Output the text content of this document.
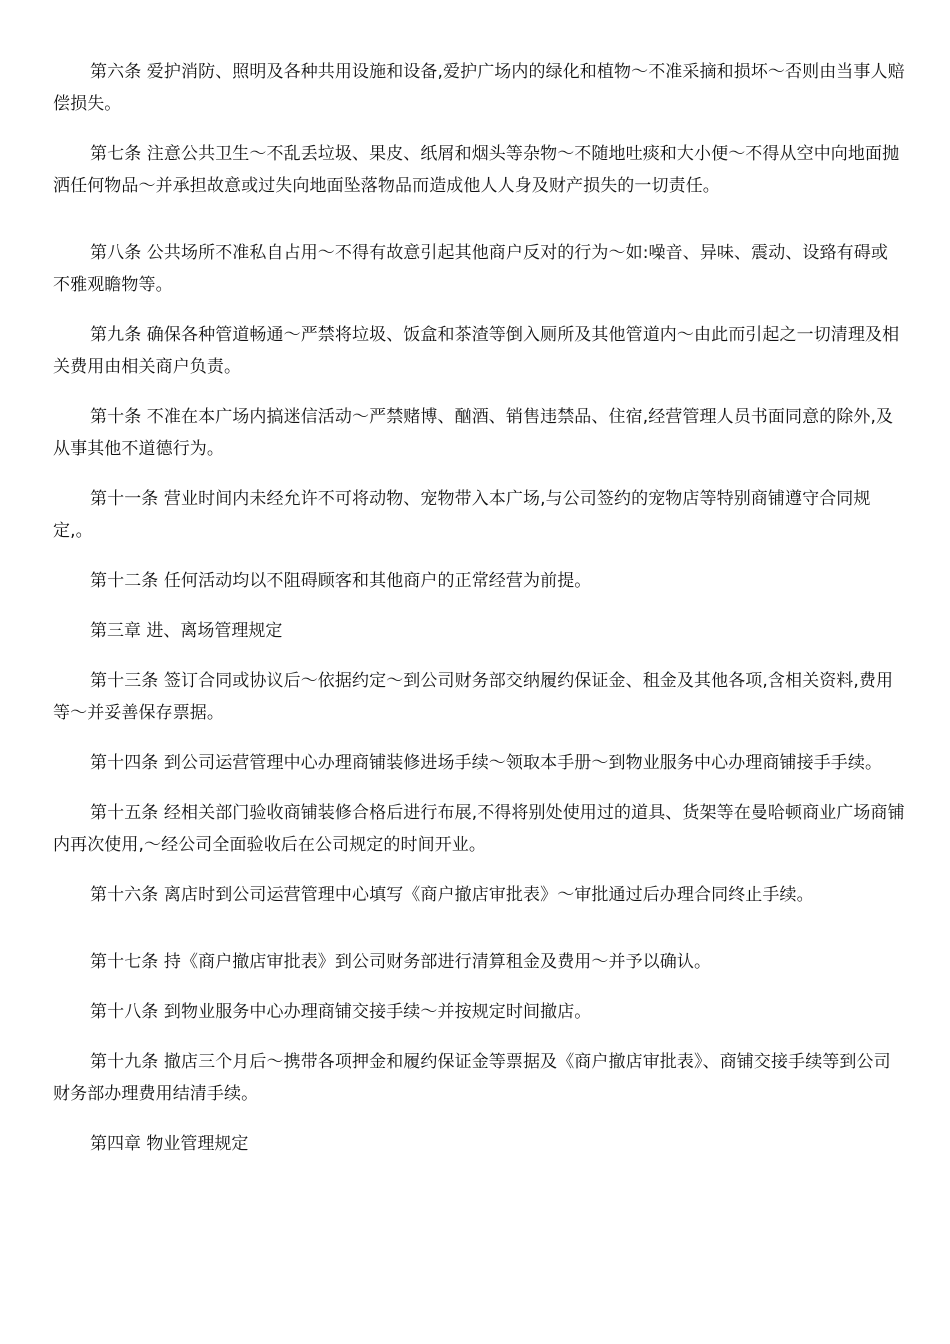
第六条 爱护消防、照明及各种共用设施和设备,爱护广场内的绿化和植物～不准采摘和损坏～否则由当事人赔偿损失。

第七条 注意公共卫生～不乱丢垃圾、果皮、纸屑和烟头等杂物～不随地吐痰和大小便～不得从空中向地面抛洒任何物品～并承担故意或过失向地面坠落物品而造成他人人身及财产损失的一切责任。

第八条 公共场所不准私自占用～不得有故意引起其他商户反对的行为～如:噪音、异味、震动、设臵有碍或不雅观瞻物等。

第九条 确保各种管道畅通～严禁将垃圾、饭盒和茶渣等倒入厕所及其他管道内～由此而引起之一切清理及相关费用由相关商户负责。

第十条 不准在本广场内搞迷信活动～严禁赌博、酗酒、销售违禁品、住宿,经营管理人员书面同意的除外,及从事其他不道德行为。

第十一条 营业时间内未经允许不可将动物、宠物带入本广场,与公司签约的宠物店等特别商铺遵守合同规定,。

第十二条 任何活动均以不阻碍顾客和其他商户的正常经营为前提。

第三章 进、离场管理规定

第十三条 签订合同或协议后～依据约定～到公司财务部交纳履约保证金、租金及其他各项,含相关资料,费用等～并妥善保存票据。

第十四条 到公司运营管理中心办理商铺装修进场手续～领取本手册～到物业服务中心办理商铺接手手续。

第十五条 经相关部门验收商铺装修合格后进行布展,不得将别处使用过的道具、货架等在曼哈顿商业广场商铺内再次使用,～经公司全面验收后在公司规定的时间开业。

第十六条 离店时到公司运营管理中心填写《商户撤店审批表》～审批通过后办理合同终止手续。

第十七条 持《商户撤店审批表》到公司财务部进行清算租金及费用～并予以确认。

第十八条 到物业服务中心办理商铺交接手续～并按规定时间撤店。

第十九条 撤店三个月后～携带各项押金和履约保证金等票据及《商户撤店审批表》、商铺交接手续等到公司财务部办理费用结清手续。

第四章 物业管理规定
